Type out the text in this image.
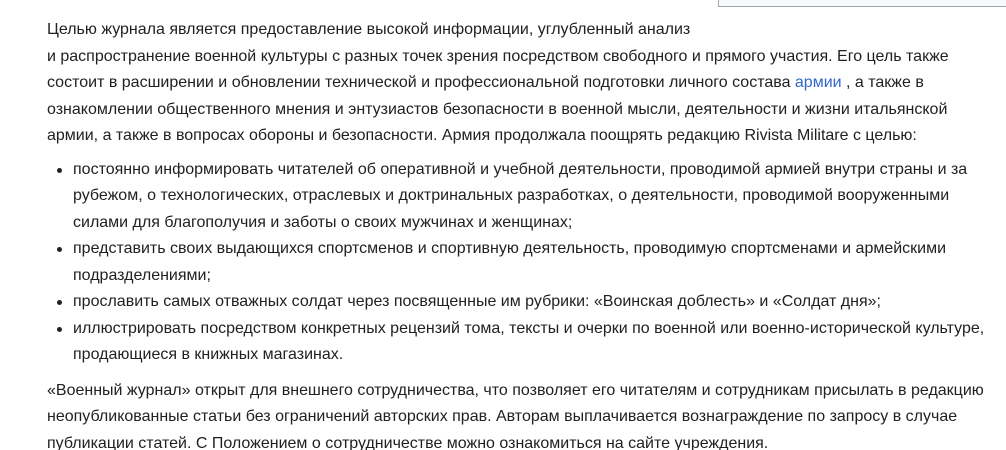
Целью журнала является предоставление высокой информации, углубленный анализ
и распространение военной культуры с разных точек зрения посредством свободного и прямого участия. Его цель также
состоит в расширении и обновлении технической и профессиональной подготовки личного состава армии , а также в
ознакомлении общественного мнения и энтузиастов безопасности в военной мысли, деятельности и жизни итальянской
армии, а также в вопросах обороны и безопасности. Армия продолжала поощрять редакцию Rivista Militare с целью:

постоянно информировать читателей об оперативной и учебной деятельности, проводимой армией внутри страны и за
рубежом, о технологических, отраслевых и доктринальных разработках, о деятельности, проводимой вооруженными
силами для благополучия и заботы о своих мужчинах и женщинах;
представить своих выдающихся спортсменов и спортивную деятельность, проводимую спортсменами и армейскими
подразделениями;
прославить самых отважных солдат через посвященные им рубрики: «Воинская доблесть» и «Солдат дня»;
иллюстрировать посредством конкретных рецензий тома, тексты и очерки по военной или военно-исторической культуре,
продающиеся в книжных магазинах.

«Военный журнал» открыт для внешнего сотрудничества, что позволяет его читателям и сотрудникам присылать в редакцию
неопубликованные статьи без ограничений авторских прав. Авторам выплачивается вознаграждение по запросу в случае
публикации статей. С Положением о сотрудничестве можно ознакомиться на сайте учреждения.
